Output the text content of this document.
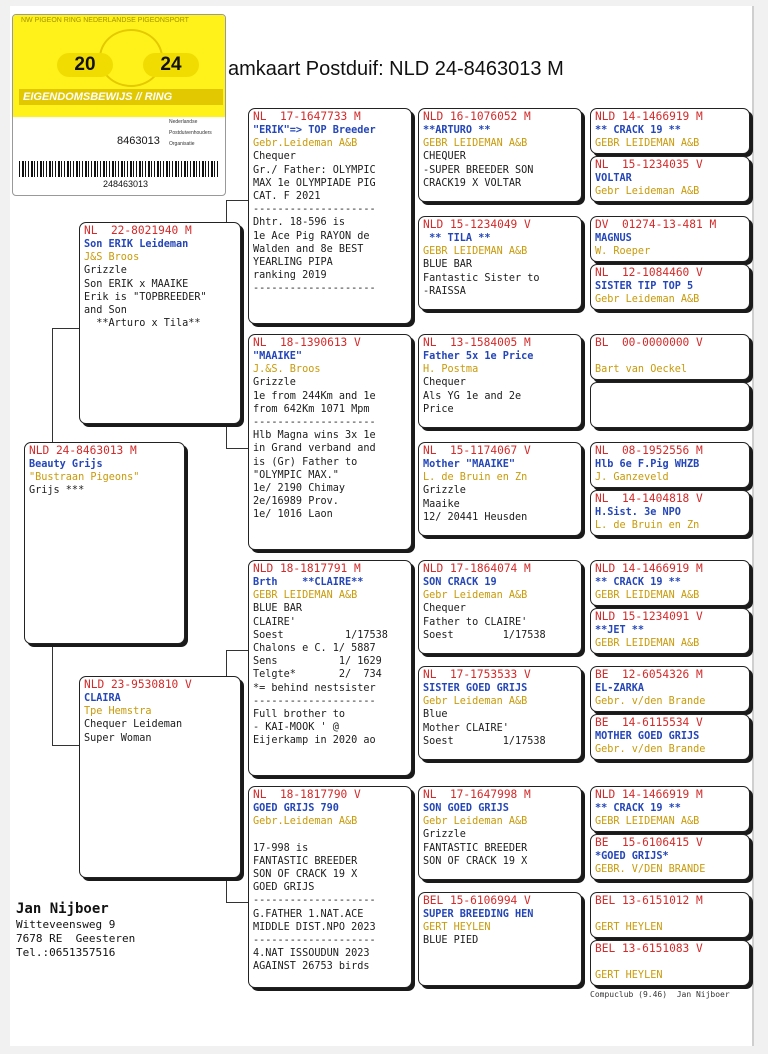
NW PIGEON RING NEDERLANDSE PIGEONSPORT
20	24
EIGENDOMSBEWIJS // RING
8463013
Nederlandse
Postduivenhouders
Organisatie
248463013
amkaart Postduif: NLD 24-8463013 M
Jan Nijboer
Witteveensweg 9
7678 RE  Geesteren
Tel.:0651357516
Compuclub (9.46)  Jan Nijboer
NLD 24-8463013 M
Beauty Grijs
"Bustraan Pigeons"
Grijs ***
NL  22-8021940 M
Son ERIK Leideman
J&S Broos
Grizzle
Son ERIK x MAAIKE
Erik is "TOPBREEDER"
and Son
**Arturo x Tila**
NLD 23-9530810 V
CLAIRA
Tpe Hemstra
Chequer Leideman
Super Woman
NL  17-1647733 M
"ERIK"=> TOP Breeder
Gebr.Leideman A&B
Chequer
Gr./ Father: OLYMPIC
MAX 1e OLYMPIADE PIG
CAT. F 2021
--------------------
Dhtr. 18-596 is
1e Ace Pig RAYON de
Walden and 8e BEST
YEARLING PIPA
ranking 2019
--------------------
NL  18-1390613 V
"MAAIKE"
J.&S. Broos
Grizzle
1e from 244Km and 1e
from 642Km 1071 Mpm
--------------------
Hlb Magna wins 3x 1e
in Grand verband and
is (Gr) Father to
"OLYMPIC MAX."
1e/ 2190 Chimay
2e/16989 Prov.
1e/ 1016 Laon
NLD 18-1817791 M
Brth    **CLAIRE**
GEBR LEIDEMAN A&B
BLUE BAR
CLAIRE'
Soest          1/17538
Chalons e C. 1/ 5887
Sens          1/ 1629
Telgte*       2/  734
*= behind nestsister
--------------------
Full brother to
- KAI-MOOK ' @
Eijerkamp in 2020 ao
NL  18-1817790 V
GOED GRIJS 790
Gebr.Leideman A&B
17-998 is
FANTASTIC BREEDER
SON OF CRACK 19 X
GOED GRIJS
--------------------
G.FATHER 1.NAT.ACE
MIDDLE DIST.NPO 2023
--------------------
4.NAT ISSOUDUN 2023
AGAINST 26753 birds
NLD 16-1076052 M
**ARTURO **
GEBR LEIDEMAN A&B
CHEQUER
-SUPER BREEDER SON
CRACK19 X VOLTAR
NLD 15-1234049 V
** TILA **
GEBR LEIDEMAN A&B
BLUE BAR
Fantastic Sister to
-RAISSA
NL  13-1584005 M
Father 5x 1e Price
H. Postma
Chequer
Als YG 1e and 2e
Price
NL  15-1174067 V
Mother "MAAIKE"
L. de Bruin en Zn
Grizzle
Maaike
12/ 20441 Heusden
NLD 17-1864074 M
SON CRACK 19
Gebr Leideman A&B
Chequer
Father to CLAIRE'
Soest        1/17538
NL  17-1753533 V
SISTER GOED GRIJS
Gebr Leideman A&B
Blue
Mother CLAIRE'
Soest        1/17538
NL  17-1647998 M
SON GOED GRIJS
Gebr Leideman A&B
Grizzle
FANTASTIC BREEDER
SON OF CRACK 19 X
BEL 15-6106994 V
SUPER BREEDING HEN
GERT HEYLEN
BLUE PIED
NLD 14-1466919 M
** CRACK 19 **
GEBR LEIDEMAN A&B
NL  15-1234035 V
VOLTAR
Gebr Leideman A&B
DV  01274-13-481 M
MAGNUS
W. Roeper
NL  12-1084460 V
SISTER TIP TOP 5
Gebr Leideman A&B
BL  00-0000000 V
Bart van Oeckel
NL  08-1952556 M
Hlb 6e F.Pig WHZB
J. Ganzeveld
NL  14-1404818 V
H.Sist. 3e NPO
L. de Bruin en Zn
NLD 14-1466919 M
** CRACK 19 **
GEBR LEIDEMAN A&B
NLD 15-1234091 V
**JET **
GEBR LEIDEMAN A&B
BE  12-6054326 M
EL-ZARKA
Gebr. v/den Brande
BE  14-6115534 V
MOTHER GOED GRIJS
Gebr. v/den Brande
NLD 14-1466919 M
** CRACK 19 **
GEBR LEIDEMAN A&B
BE  15-6106415 V
*GOED GRIJS*
GEBR. V/DEN BRANDE
BEL 13-6151012 M
GERT HEYLEN
BEL 13-6151083 V
GERT HEYLEN
